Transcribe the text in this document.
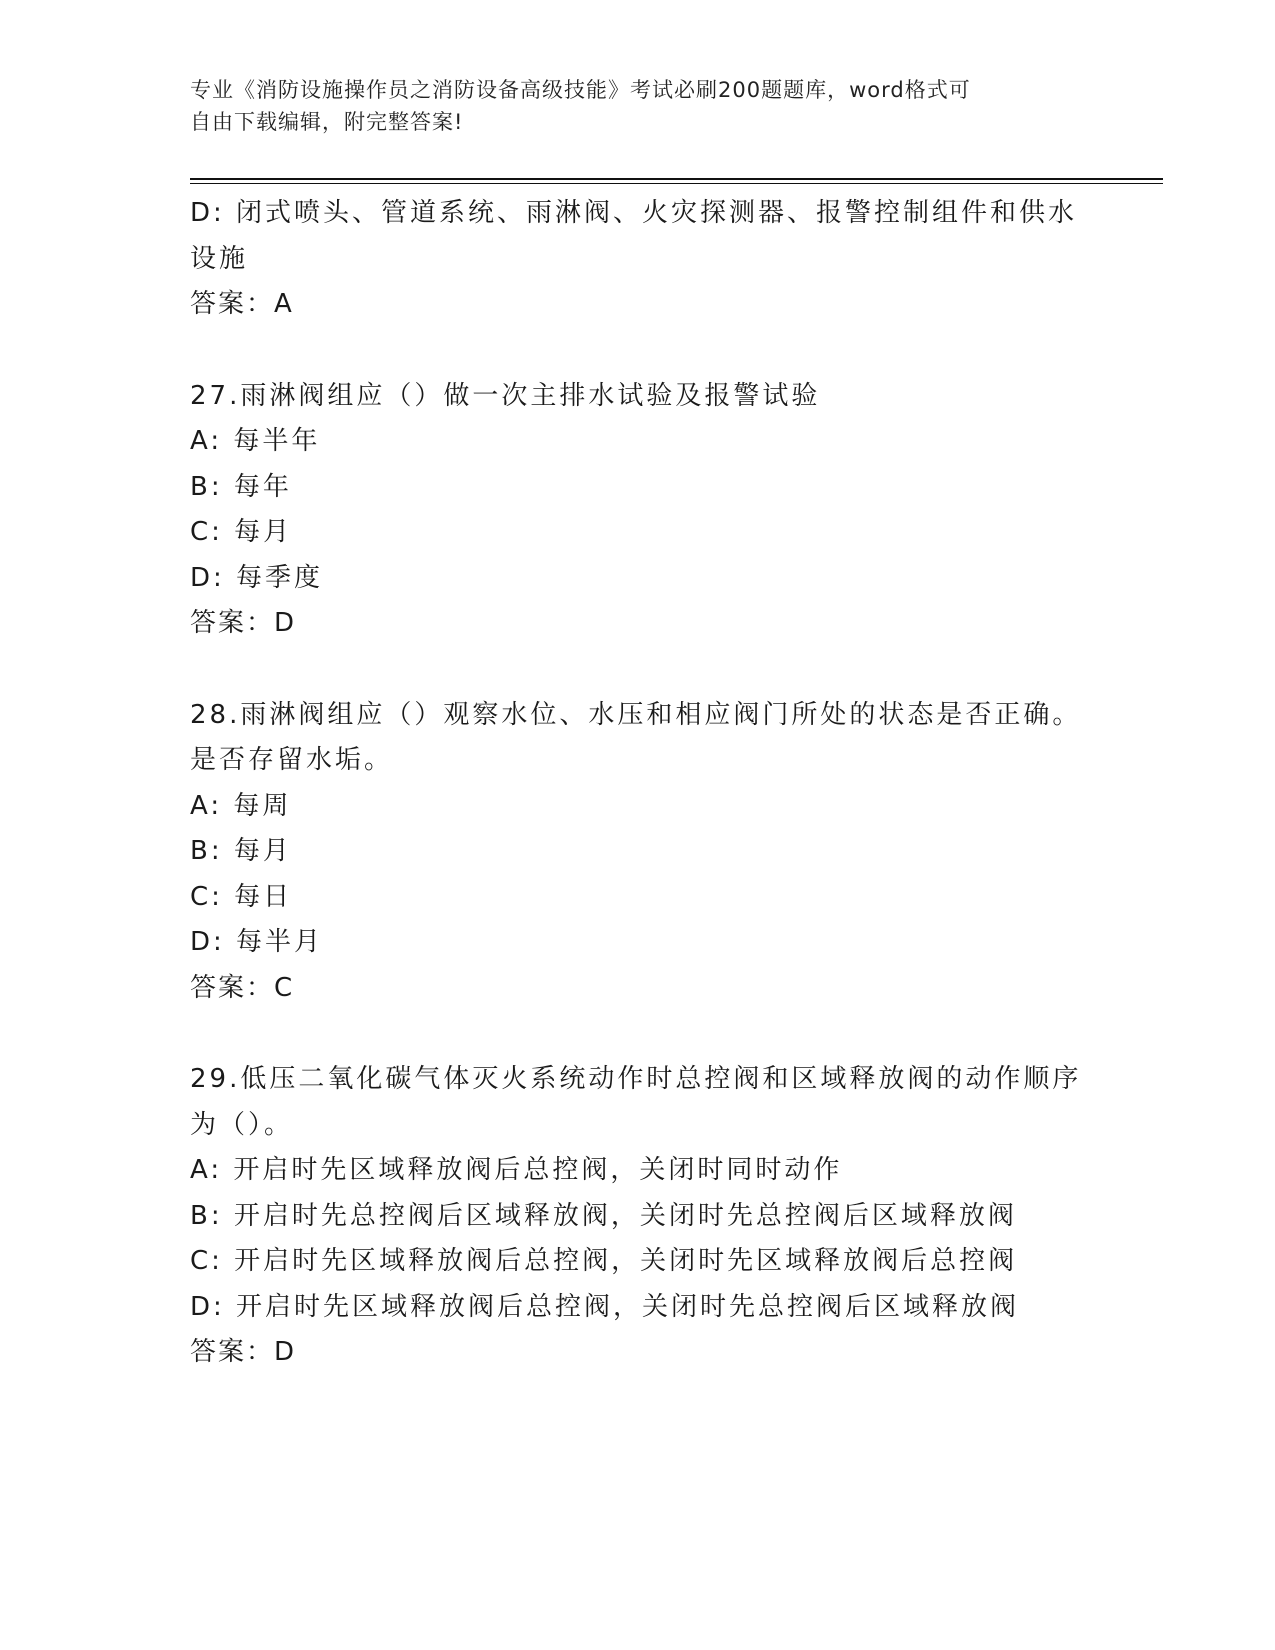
专业《消防设施操作员之消防设备高级技能》考试必刷200题题库，word格式可
自由下载编辑，附完整答案!
D: 闭式喷头、管道系统、雨淋阀、火灾探测器、报警控制组件和供水
设施
答案：A
27.雨淋阀组应（）做一次主排水试验及报警试验
A: 每半年
B: 每年
C: 每月
D: 每季度
答案：D
28.雨淋阀组应（）观察水位、水压和相应阀门所处的状态是否正确。
是否存留水垢。
A: 每周
B: 每月
C: 每日
D: 每半月
答案：C
29.低压二氧化碳气体灭火系统动作时总控阀和区域释放阀的动作顺序
为（）。
A: 开启时先区域释放阀后总控阀，关闭时同时动作
B: 开启时先总控阀后区域释放阀，关闭时先总控阀后区域释放阀
C: 开启时先区域释放阀后总控阀，关闭时先区域释放阀后总控阀
D: 开启时先区域释放阀后总控阀，关闭时先总控阀后区域释放阀
答案：D
